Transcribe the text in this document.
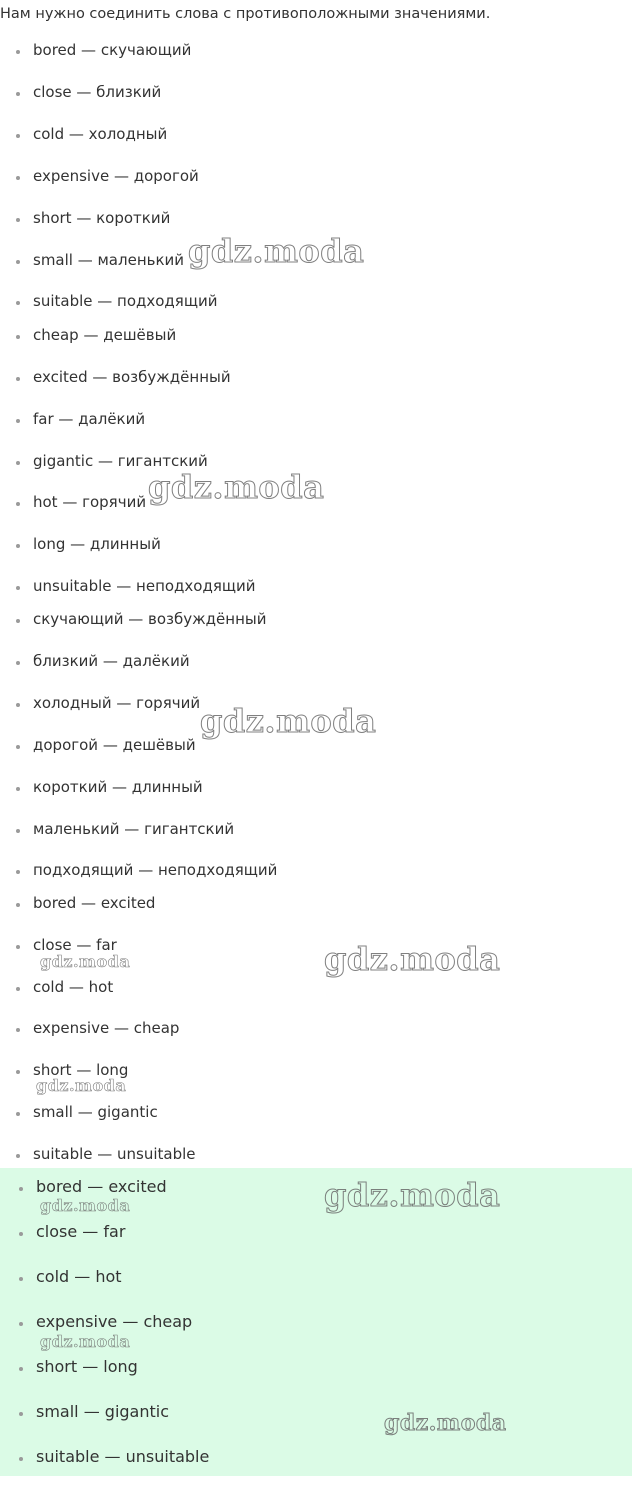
Нам нужно соединить слова с противоположными значениями.
bored — скучающий
close — близкий
cold — холодный
expensive — дорогой
short — короткий
small — маленький
suitable — подходящий
cheap — дешёвый
excited — возбуждённый
far — далёкий
gigantic — гигантский
hot — горячий
long — длинный
unsuitable — неподходящий
скучающий — возбуждённый
близкий — далёкий
холодный — горячий
дорогой — дешёвый
короткий — длинный
маленький — гигантский
подходящий — неподходящий
bored — excited
close — far
cold — hot
expensive — cheap
short — long
small — gigantic
suitable — unsuitable
bored — excited
close — far
cold — hot
expensive — cheap
short — long
small — gigantic
suitable — unsuitable
gdz.moda
gdz.moda
gdz.moda
gdz.moda
gdz.moda
gdz.moda
gdz.moda
gdz.moda
gdz.moda
gdz.moda
